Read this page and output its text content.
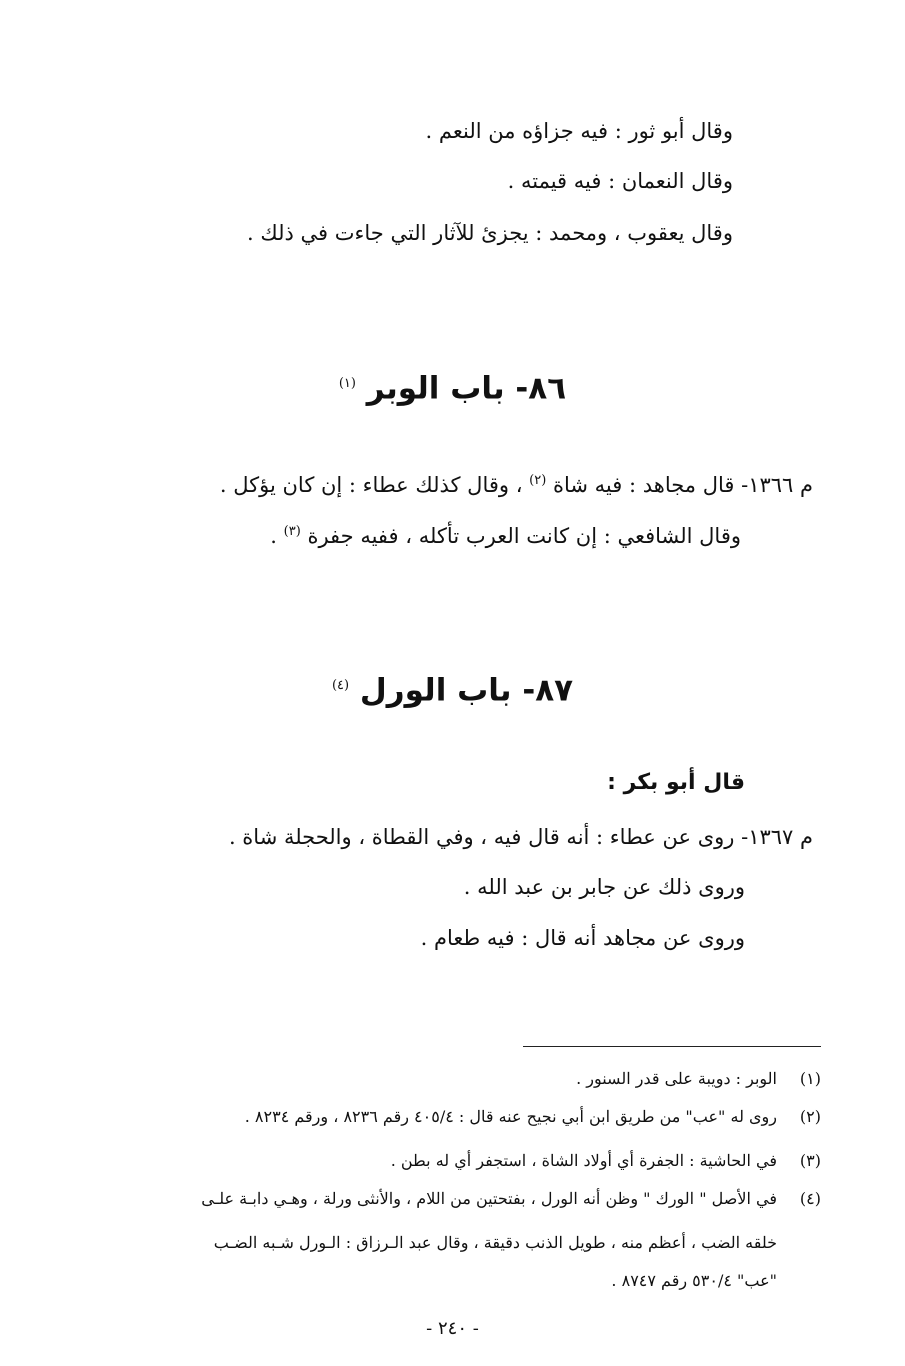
وقال أبو ثور : فيه جزاؤه من النعم .
وقال النعمان : فيه قيمته .
وقال يعقوب ، ومحمد : يجزئ للآثار التي جاءت في ذلك .
٨٦- باب الوبر $^{(١)}$
م ١٣٦٦- قال مجاهد : فيه شاة $^{(٢)}$ ، وقال كذلك عطاء : إن كان يؤكل .
وقال الشافعي : إن كانت العرب تأكله ، ففيه جفرة $^{(٣)}$ .
٨٧- باب الورل $^{(٤)}$
قال أبو بكر :
م ١٣٦٧- روى عن عطاء : أنه قال فيه ، وفي القطاة ، والحجلة شاة .
وروى ذلك عن جابر بن عبد الله .
وروى عن مجاهد أنه قال : فيه طعام .
(١)الوبر : دويبة على قدر السنور .
(٢)روى له "عب" من طريق ابن أبي نجيح عنه قال : ٤٠٥/٤ رقم ٨٢٣٦ ، ورقم ٨٢٣٤ .
(٣)في الحاشية : الجفرة أي أولاد الشاة ، استجفر أي له بطن .
(٤)في الأصل " الورك " وظن أنه الورل ، بفتحتين من اللام ، والأنثى ورلة ، وهـي دابـة علـى
خلقه الضب ، أعظم منه ، طويل الذنب دقيقة ، وقال عبد الـرزاق : الـورل شـبه الضـب
"عب" ٥٣٠/٤ رقم ٨٧٤٧ .
- ٢٤٠ -
